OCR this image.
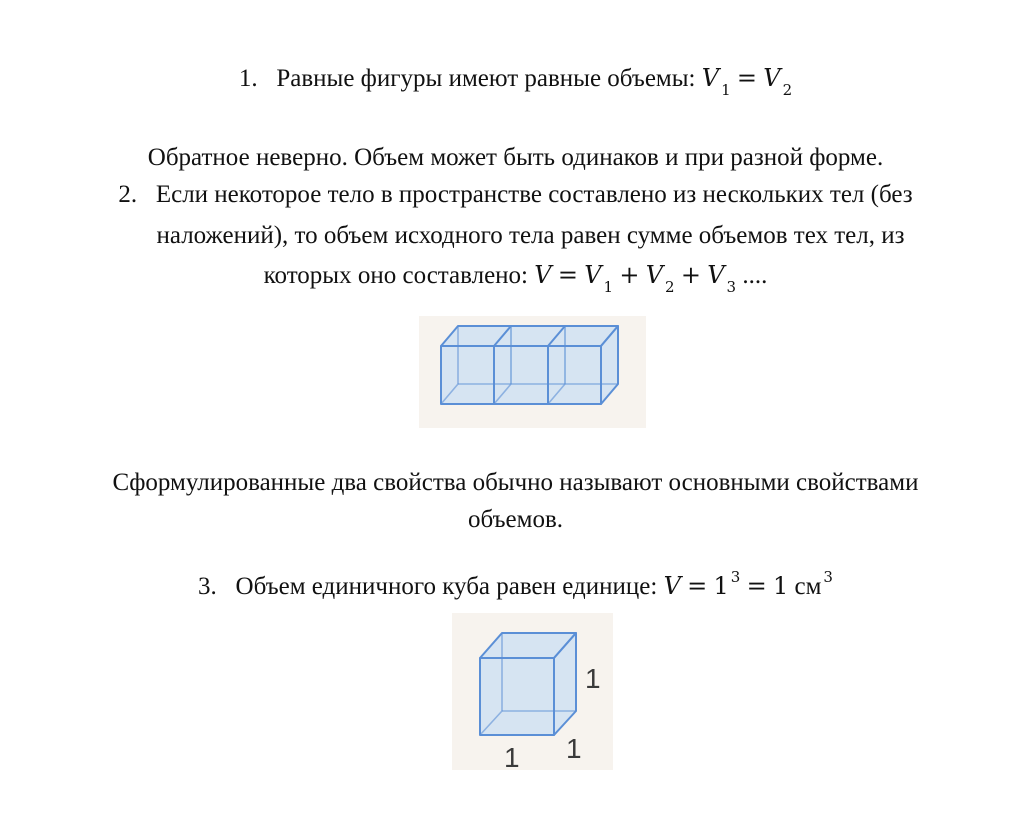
1. Равные фигуры имеют равные объемы: V $_1$ = V $_2$
Обратное неверно. Объем может быть одинаков и при разной форме.
2. Если некоторое тело в пространстве составлено из нескольких тел (без
наложений), то объем исходного тела равен сумме объемов тех тел, из
которых оно составлено: V = V $_1$ + V $_2$ + V $_3$ ....
Сформулированные два свойства обычно называют основными свойствами
объемов.
3. Объем единичного куба равен единице: V = 1 $^3$ = 1 см $^3$
1
1 1
